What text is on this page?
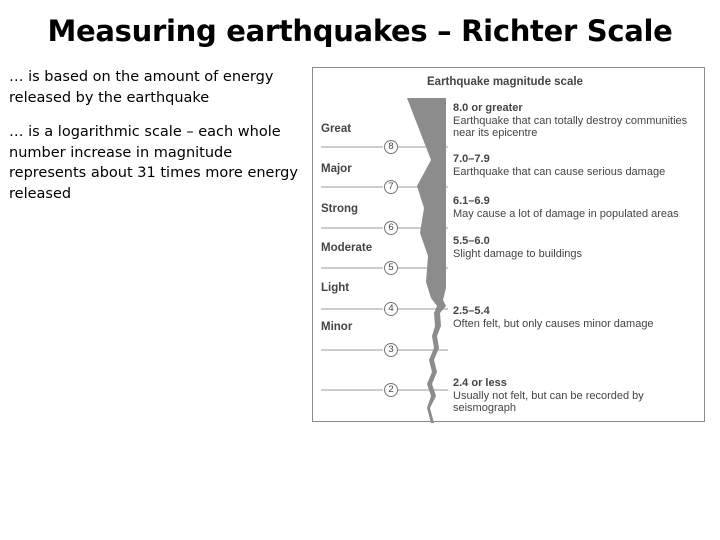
Measuring earthquakes – Richter Scale

… is based on the amount of energy released by the earthquake

… is a logarithmic scale – each whole number increase in magnitude represents about 31 times more energy released

Earthquake magnitude scale
Great
Major
Strong
Moderate
Light
Minor
8
7
6
5
4
3
2
8.0 or greater
Earthquake that can totally destroy communities near its epicentre
7.0–7.9
Earthquake that can cause serious damage
6.1–6.9
May cause a lot of damage in populated areas
5.5–6.0
Slight damage to buildings
2.5–5.4
Often felt, but only causes minor damage
2.4 or less
Usually not felt, but can be recorded by seismograph
